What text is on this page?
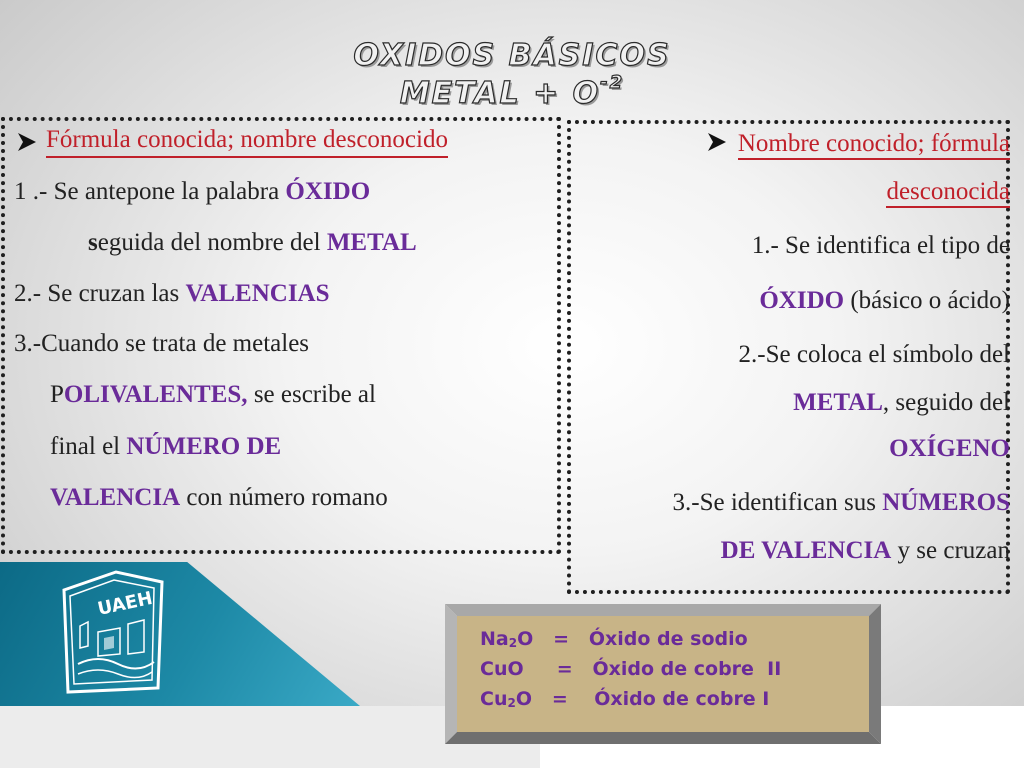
OXIDOS BÁSICOS
METAL + $O^{-2}$
Fórmula conocida; nombre desconocido
1 .- Se antepone la palabra ÓXIDO
seguida del nombre del METAL
2.- Se cruzan las VALENCIAS
3.-Cuando se trata de metales
POLIVALENTES, se escribe al
final el NÚMERO DE
VALENCIA con número romano
Nombre conocido; fórmula
desconocida
1.- Se identifica el tipo de
ÓXIDO (básico o ácido)
2.-Se coloca el símbolo del
METAL, seguido del
OXÍGENO
3.-Se identifican sus NÚMEROS
DE VALENCIA y se cruzan
UAEH
$Na_2$ O = Óxido de sodio
CuO = Óxido de cobre  II
$Cu_2$ O = Óxido de cobre I
